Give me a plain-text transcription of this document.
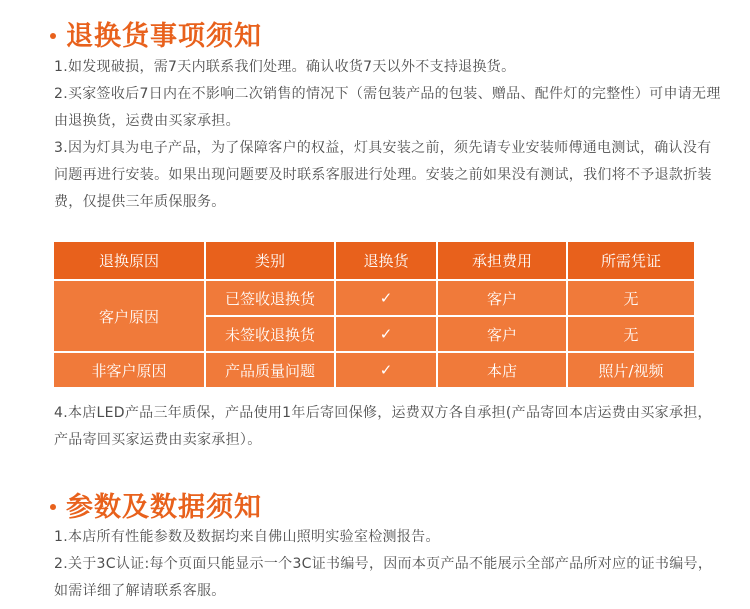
退换货事项须知

1.如发现破损，需7天内联系我们处理。确认收货7天以外不支持退换货。

2.买家签收后7日内在不影响二次销售的情况下（需包装产品的包装、赠品、配件灯的完整性）可申请无理由退换货，运费由买家承担。

3.因为灯具为电子产品，为了保障客户的权益，灯具安装之前，须先请专业安装师傅通电测试，确认没有问题再进行安装。如果出现问题要及时联系客服进行处理。安装之前如果没有测试，我们将不予退款折装费，仅提供三年质保服务。

退换原因	类别	退换货	承担费用	所需凭证
客户原因	已签收退换货	✓	客户	无
	未签收退换货	✓	客户	无
非客户原因	产品质量问题	✓	本店	照片/视频

4.本店LED产品三年质保，产品使用1年后寄回保修，运费双方各自承担(产品寄回本店运费由买家承担，产品寄回买家运费由卖家承担）。

参数及数据须知

1.本店所有性能参数及数据均来自佛山照明实验室检测报告。

2.关于3C认证:每个页面只能显示一个3C证书编号，因而本页产品不能展示全部产品所对应的证书编号，如需详细了解请联系客服。
